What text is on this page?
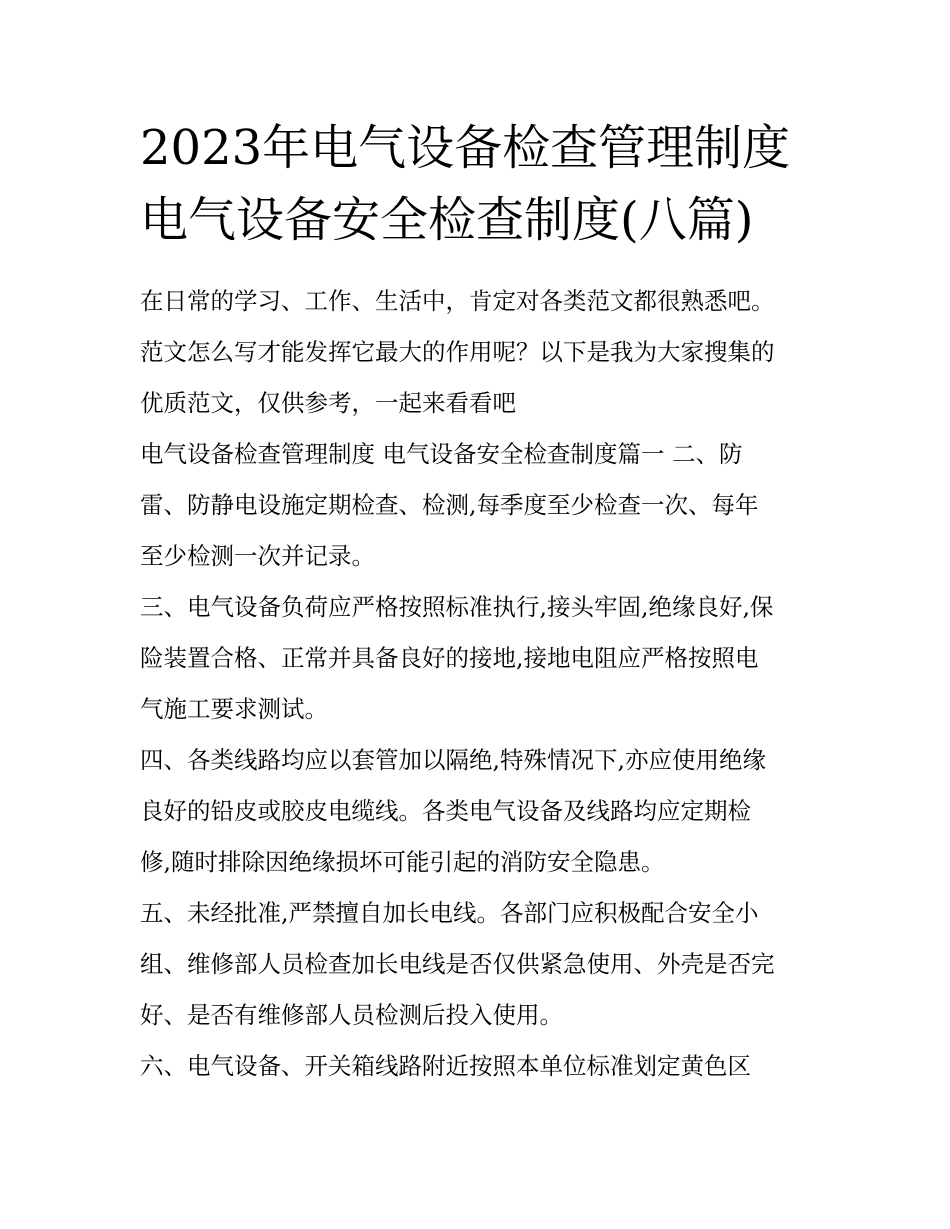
2023年电气设备检查管理制度
电气设备安全检查制度(八篇)
在日常的学习、工作、生活中，肯定对各类范文都很熟悉吧。
范文怎么写才能发挥它最大的作用呢？以下是我为大家搜集的
优质范文，仅供参考，一起来看看吧
电气设备检查管理制度 电气设备安全检查制度篇一 二、防
雷、防静电设施定期检查、检测,每季度至少检查一次、每年
至少检测一次并记录。
三、电气设备负荷应严格按照标准执行,接头牢固,绝缘良好,保
险装置合格、正常并具备良好的接地,接地电阻应严格按照电
气施工要求测试。
四、各类线路均应以套管加以隔绝,特殊情况下,亦应使用绝缘
良好的铅皮或胶皮电缆线。各类电气设备及线路均应定期检
修,随时排除因绝缘损坏可能引起的消防安全隐患。
五、未经批准,严禁擅自加长电线。各部门应积极配合安全小
组、维修部人员检查加长电线是否仅供紧急使用、外壳是否完
好、是否有维修部人员检测后投入使用。
六、电气设备、开关箱线路附近按照本单位标准划定黄色区
